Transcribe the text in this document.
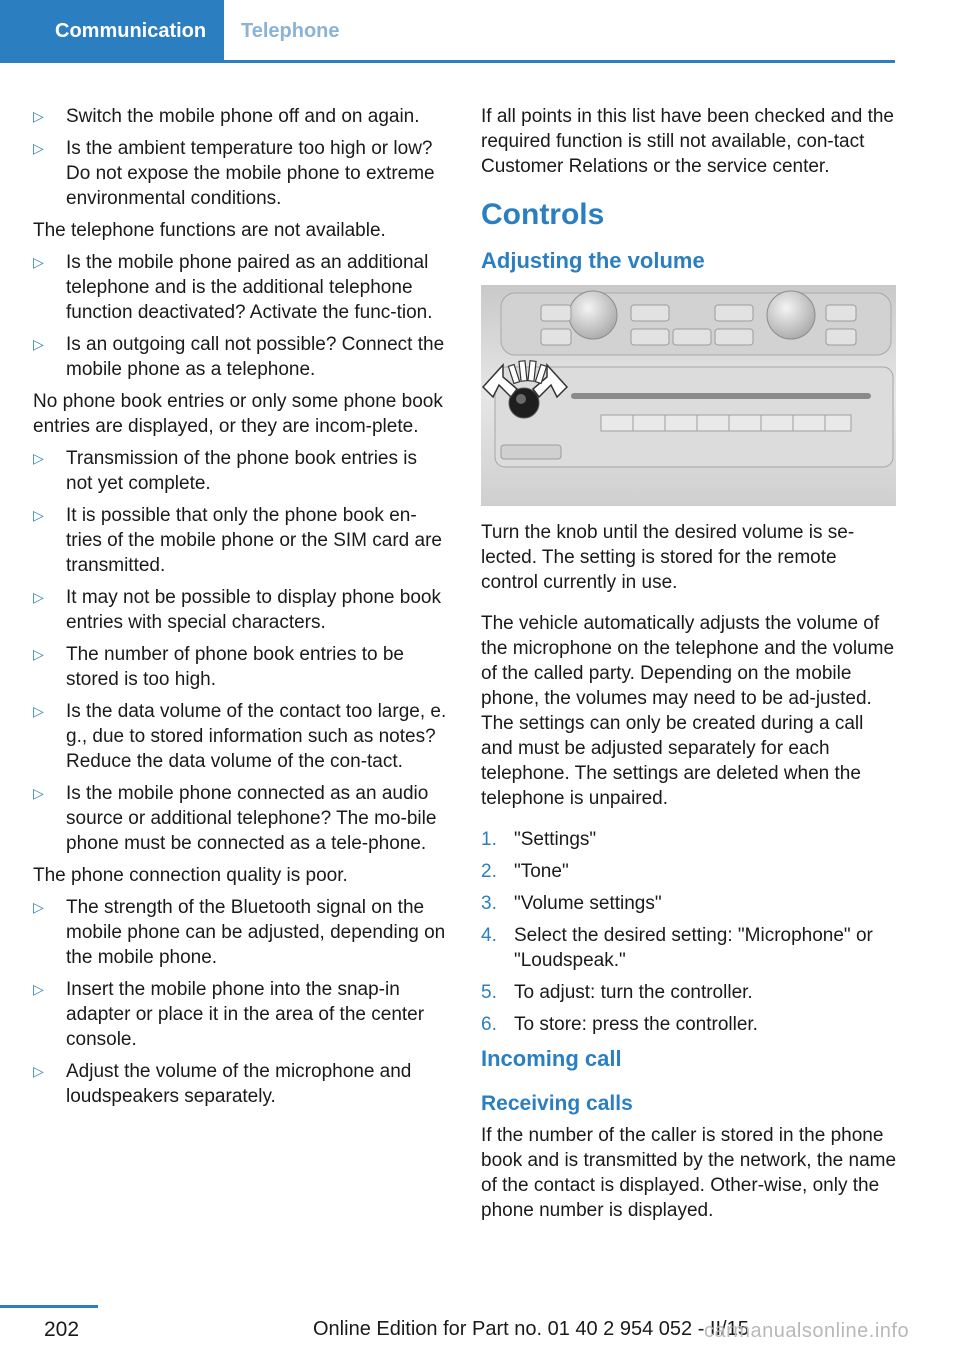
Communication	Telephone
▷ Switch the mobile phone off and on again.
▷ Is the ambient temperature too high or low? Do not expose the mobile phone to extreme environmental conditions.

The telephone functions are not available.

▷ Is the mobile phone paired as an additional telephone and is the additional telephone function deactivated? Activate the func-tion.
▷ Is an outgoing call not possible? Connect the mobile phone as a telephone.

No phone book entries or only some phone book entries are displayed, or they are incom-plete.

▷ Transmission of the phone book entries is not yet complete.
▷ It is possible that only the phone book en-tries of the mobile phone or the SIM card are transmitted.
▷ It may not be possible to display phone book entries with special characters.
▷ The number of phone book entries to be stored is too high.
▷ Is the data volume of the contact too large, e. g., due to stored information such as notes? Reduce the data volume of the con-tact.
▷ Is the mobile phone connected as an audio source or additional telephone? The mo-bile phone must be connected as a tele-phone.

The phone connection quality is poor.

▷ The strength of the Bluetooth signal on the mobile phone can be adjusted, depending on the mobile phone.
▷ Insert the mobile phone into the snap-in adapter or place it in the area of the center console.
▷ Adjust the volume of the microphone and loudspeakers separately.

If all points in this list have been checked and the required function is still not available, con-tact Customer Relations or the service center.

Controls
Adjusting the volume

Turn the knob until the desired volume is se-lected. The setting is stored for the remote control currently in use.

The vehicle automatically adjusts the volume of the microphone on the telephone and the volume of the called party. Depending on the mobile phone, the volumes may need to be ad-justed. The settings can only be created during a call and must be adjusted separately for each telephone. The settings are deleted when the telephone is unpaired.

1. "Settings"
2. "Tone"
3. "Volume settings"
4. Select the desired setting: "Microphone" or "Loudspeak."
5. To adjust: turn the controller.
6. To store: press the controller.
Incoming call
Receiving calls

If the number of the caller is stored in the phone book and is transmitted by the network, the name of the contact is displayed. Other-wise, only the phone number is displayed.

202	Online Edition for Part no. 01 40 2 954 052 - II/15
carmanualsonline.info
